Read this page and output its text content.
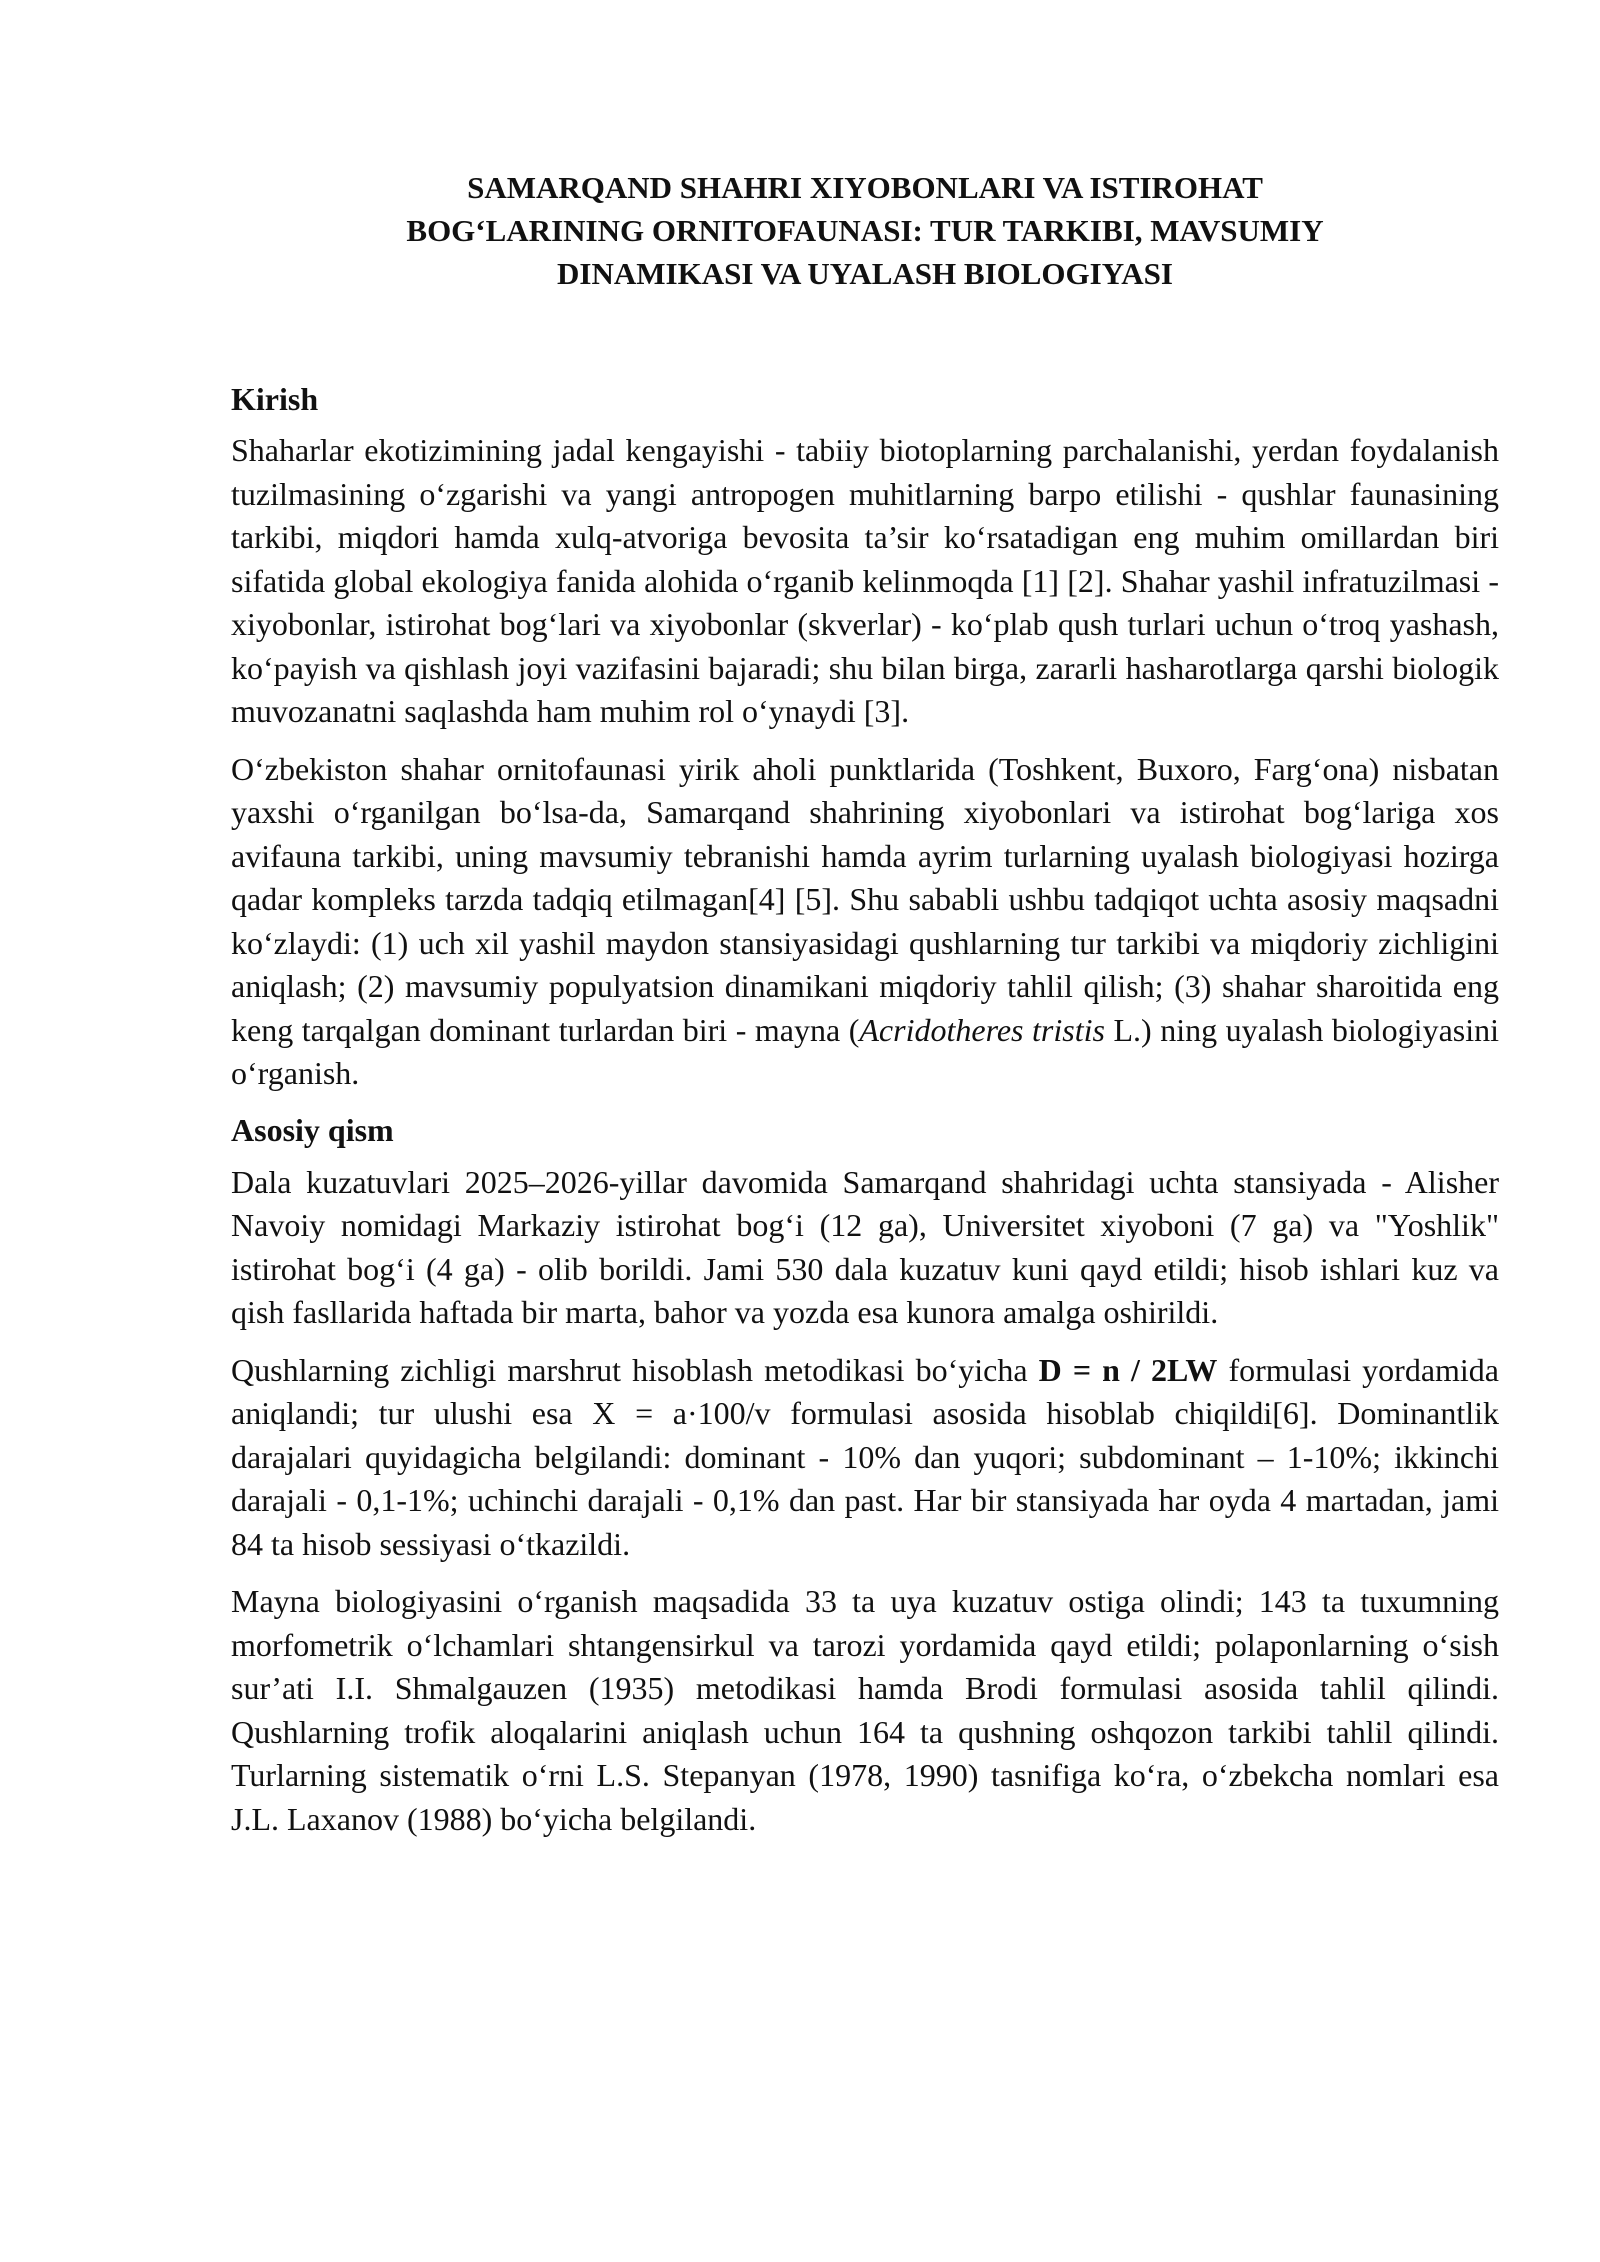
SAMARQAND SHAHRI XIYOBONLARI VA ISTIROHAT
BOG‘LARINING ORNITOFAUNASI: TUR TARKIBI, MAVSUMIY
DINAMIKASI VA UYALASH BIOLOGIYASI
Kirish

Shaharlar ekotizimining jadal kengayishi - tabiiy biotoplarning parchalanishi, yerdan foydalanish tuzilmasining o‘zgarishi va yangi antropogen muhitlarning barpo etilishi - qushlar faunasining tarkibi, miqdori hamda xulq-atvoriga bevosita ta’sir ko‘rsatadigan eng muhim omillardan biri sifatida global ekologiya fanida alohida o‘rganib kelinmoqda [1] [2]. Shahar yashil infratuzilmasi - xiyobonlar, istirohat bog‘lari va xiyobonlar (skverlar) - ko‘plab qush turlari uchun o‘troq yashash, ko‘payish va qishlash joyi vazifasini bajaradi; shu bilan birga, zararli hasharotlarga qarshi biologik muvozanatni saqlashda ham muhim rol o‘ynaydi [3].

O‘zbekiston shahar ornitofaunasi yirik aholi punktlarida (Toshkent, Buxoro, Farg‘ona) nisbatan yaxshi o‘rganilgan bo‘lsa-da, Samarqand shahrining xiyobonlari va istirohat bog‘lariga xos avifauna tarkibi, uning mavsumiy tebranishi hamda ayrim turlarning uyalash biologiyasi hozirga qadar kompleks tarzda tadqiq etilmagan[4] [5]. Shu sababli ushbu tadqiqot uchta asosiy maqsadni ko‘zlaydi: (1) uch xil yashil maydon stansiyasidagi qushlarning tur tarkibi va miqdoriy zichligini aniqlash; (2) mavsumiy populyatsion dinamikani miqdoriy tahlil qilish; (3) shahar sharoitida eng keng tarqalgan dominant turlardan biri - mayna (Acridotheres tristis L.) ning uyalash biologiyasini o‘rganish.

Asosiy qism

Dala kuzatuvlari 2025–2026-yillar davomida Samarqand shahridagi uchta stansiyada - Alisher Navoiy nomidagi Markaziy istirohat bog‘i (12 ga), Universitet xiyoboni (7 ga) va "Yoshlik" istirohat bog‘i (4 ga) - olib borildi. Jami 530 dala kuzatuv kuni qayd etildi; hisob ishlari kuz va qish fasllarida haftada bir marta, bahor va yozda esa kunora amalga oshirildi.

Qushlarning zichligi marshrut hisoblash metodikasi bo‘yicha D = n / 2LW formulasi yordamida aniqlandi; tur ulushi esa X = a·100/v formulasi asosida hisoblab chiqildi[6]. Dominantlik darajalari quyidagicha belgilandi: dominant - 10% dan yuqori; subdominant – 1-10%; ikkinchi darajali - 0,1-1%; uchinchi darajali - 0,1% dan past. Har bir stansiyada har oyda 4 martadan, jami 84 ta hisob sessiyasi o‘tkazildi.

Mayna biologiyasini o‘rganish maqsadida 33 ta uya kuzatuv ostiga olindi; 143 ta tuxumning morfometrik o‘lchamlari shtangensirkul va tarozi yordamida qayd etildi; polaponlarning o‘sish sur’ati I.I. Shmalgauzen (1935) metodikasi hamda Brodi formulasi asosida tahlil qilindi. Qushlarning trofik aloqalarini aniqlash uchun 164 ta qushning oshqozon tarkibi tahlil qilindi. Turlarning sistematik o‘rni L.S. Stepanyan (1978, 1990) tasnifiga ko‘ra, o‘zbekcha nomlari esa J.L. Laxanov (1988) bo‘yicha belgilandi.
